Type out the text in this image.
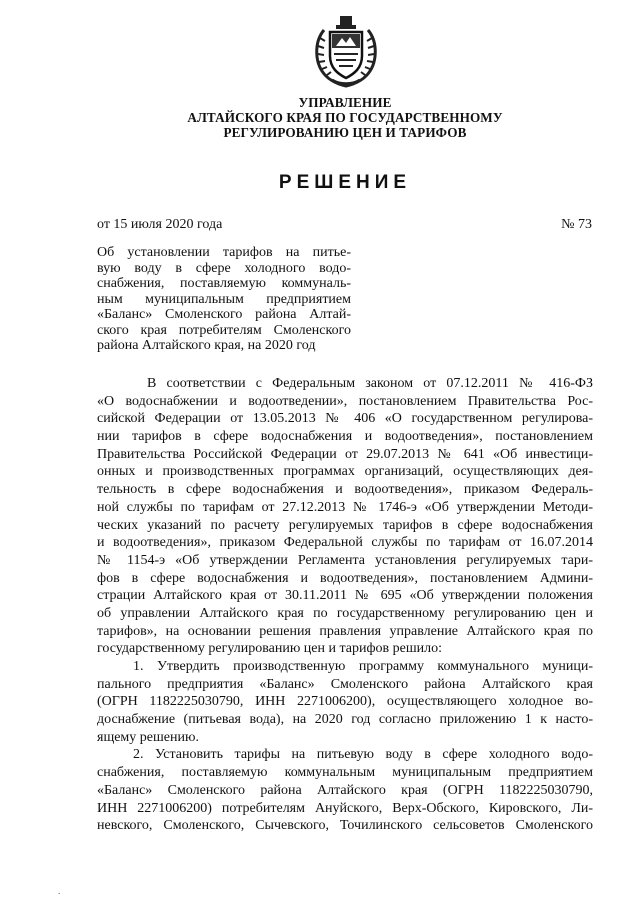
УПРАВЛЕНИЕ
АЛТАЙСКОГО КРАЯ ПО ГОСУДАРСТВЕННОМУ
РЕГУЛИРОВАНИЮ ЦЕН И ТАРИФОВ
РЕШЕНИЕ
от 15 июля 2020 года	№ 73
Об установлении тарифов на питье-
вую воду в сфере холодного водо-
снабжения, поставляемую коммуналь-
ным муниципальным предприятием
«Баланс» Смоленского района Алтай-
ского края потребителям Смоленского
района Алтайского края, на 2020 год
В соответствии с Федеральным законом от 07.12.2011 № 416-ФЗ
«О водоснабжении и водоотведении», постановлением Правительства Рос-
сийской Федерации от 13.05.2013 № 406 «О государственном регулирова-
нии тарифов в сфере водоснабжения и водоотведения», постановлением
Правительства Российской Федерации от 29.07.2013 № 641 «Об инвестици-
онных и производственных программах организаций, осуществляющих дея-
тельность в сфере водоснабжения и водоотведения», приказом Федераль-
ной службы по тарифам от 27.12.2013 № 1746-э «Об утверждении Методи-
ческих указаний по расчету регулируемых тарифов в сфере водоснабжения
и водоотведения», приказом Федеральной службы по тарифам от 16.07.2014
№ 1154-э «Об утверждении Регламента установления регулируемых тари-
фов в сфере водоснабжения и водоотведения», постановлением Админи-
страции Алтайского края от 30.11.2011 № 695 «Об утверждении положения
об управлении Алтайского края по государственному регулированию цен и
тарифов», на основании решения правления управление Алтайского края по
государственному регулированию цен и тарифов решило:
1. Утвердить производственную программу коммунального муници-
пального предприятия «Баланс» Смоленского района Алтайского края
(ОГРН 1182225030790, ИНН 2271006200), осуществляющего холодное во-
доснабжение (питьевая вода), на 2020 год согласно приложению 1 к насто-
ящему решению.
2. Установить тарифы на питьевую воду в сфере холодного водо-
снабжения, поставляемую коммунальным муниципальным предприятием
«Баланс» Смоленского района Алтайского края (ОГРН 1182225030790,
ИНН 2271006200) потребителям Ануйского, Верх-Обского, Кировского, Ли-
невского, Смоленского, Сычевского, Точилинского сельсоветов Смоленского
.
